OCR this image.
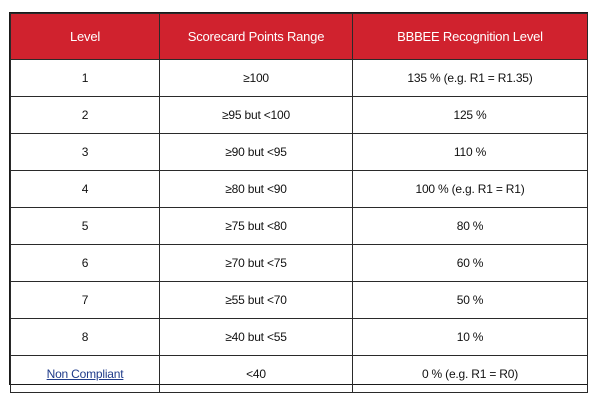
Level	Scorecard Points Range	BBBEE Recognition Level
1	≥100	135 % (e.g. R1 = R1.35)
2	≥95 but <100	125 %
3	≥90 but <95	110 %
4	≥80 but <90	100 % (e.g. R1 = R1)
5	≥75 but <80	80 %
6	≥70 but <75	60 %
7	≥55 but <70	50 %
8	≥40 but <55	10 %
Non Compliant	<40	0 % (e.g. R1 = R0)
